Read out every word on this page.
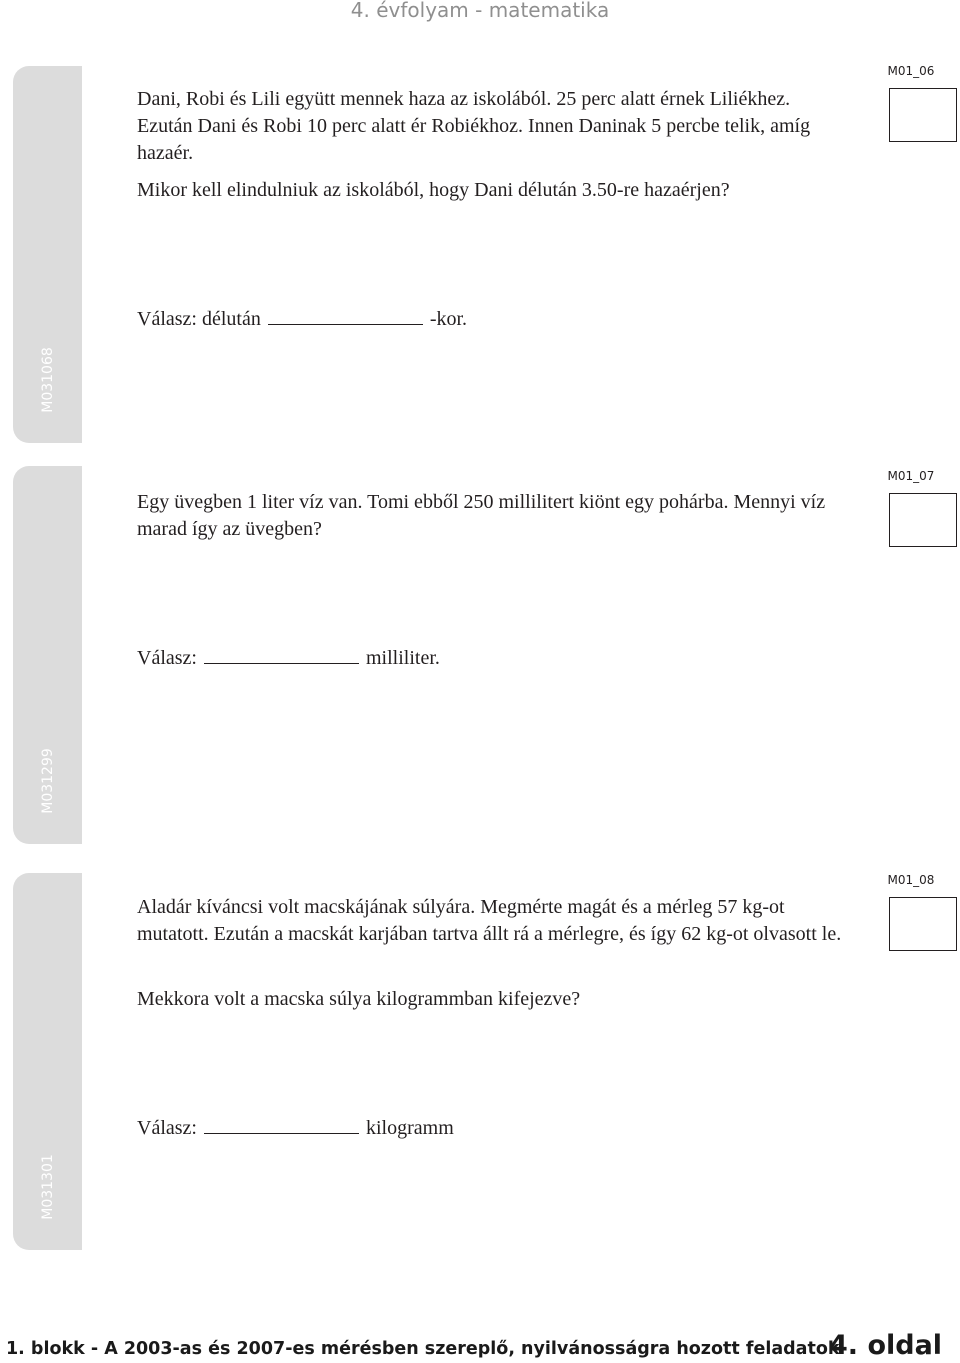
4. évfolyam - matematika
M031068

Dani, Robi és Lili együtt mennek haza az iskolából. 25 perc alatt érnek Liliékhez. Ezután Dani és Robi 10 perc alatt ér Robiékhoz. Innen Daninak 5 percbe telik, amíg hazaér.

Mikor kell elindulniuk az iskolából, hogy Dani délután 3.50-re hazaérjen?

Válasz: délután	-kor.
M01_06
M031299

Egy üvegben 1 liter víz van. Tomi ebből 250 millilitert kiönt egy pohárba. Mennyi víz marad így az üvegben?

Válasz:	milliliter.
M01_07
M031301

Aladár kíváncsi volt macskájának súlyára. Megmérte magát és a mérleg 57 kg-ot mutatott. Ezután a macskát karjában tartva állt rá a mérlegre, és így 62 kg-ot olvasott le.

Mekkora volt a macska súlya kilogrammban kifejezve?

Válasz:	kilogramm
M01_08
1. blokk - A 2003-as és 2007-es mérésben szereplő, nyilvánosságra hozott feladatok
4. oldal
